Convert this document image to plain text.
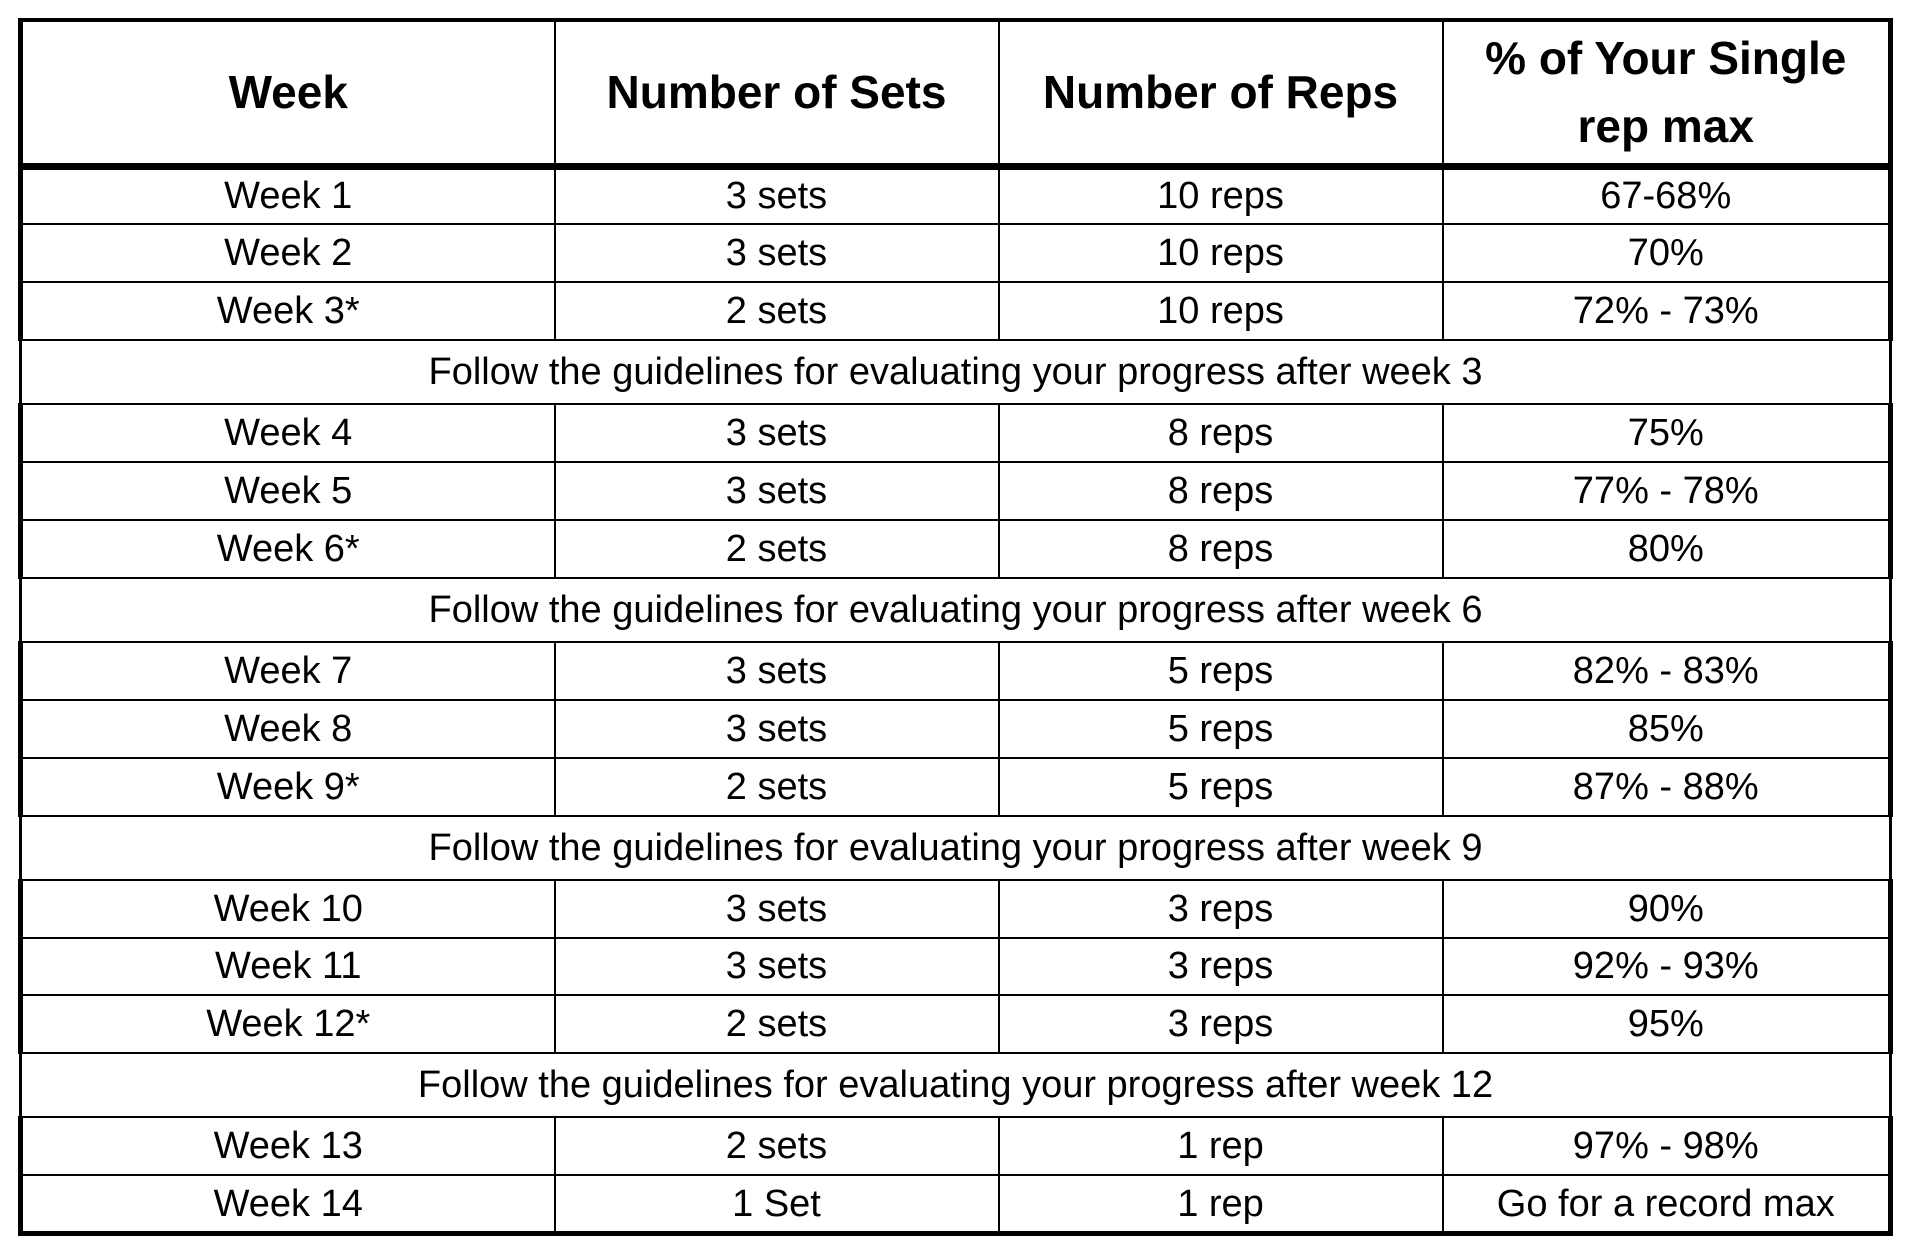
Week	Number of Sets	Number of Reps	% of Your Single rep max
Week 1	3 sets	10 reps	67-68%
Week 2	3 sets	10 reps	70%
Week 3*	2 sets	10 reps	72% - 73%
Follow the guidelines for evaluating your progress after week 3			
Week 4	3 sets	8 reps	75%
Week 5	3 sets	8 reps	77% - 78%
Week 6*	2 sets	8 reps	80%
Follow the guidelines for evaluating your progress after week 6			
Week 7	3 sets	5 reps	82% - 83%
Week 8	3 sets	5 reps	85%
Week 9*	2 sets	5 reps	87% - 88%
Follow the guidelines for evaluating your progress after week 9			
Week 10	3 sets	3 reps	90%
Week 11	3 sets	3 reps	92% - 93%
Week 12*	2 sets	3 reps	95%
Follow the guidelines for evaluating your progress after week 12			
Week 13	2 sets	1 rep	97% - 98%
Week 14	1 Set	1 rep	Go for a record max
